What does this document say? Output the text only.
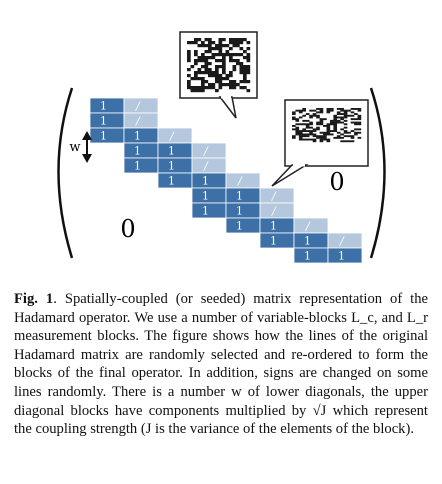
1	/
1	/
1 1	/
1 1	/
1 1	/
1 1	/
1 1	/
1 1	/
1 1	/
1 1	/
1 1
0
0
w
Fig. 1. Spatially-coupled (or seeded) matrix representation of the Hadamard operator. We use a number of variable-blocks L_c, and L_r measurement blocks. The figure shows how the lines of the original Hadamard matrix are randomly selected and re-ordered to form the blocks of the final operator. In addition, signs are changed on some lines randomly. There is a number w of lower diagonals, the upper diagonal blocks have components multiplied by √J which represent the coupling strength (J is the variance of the elements of the block).
